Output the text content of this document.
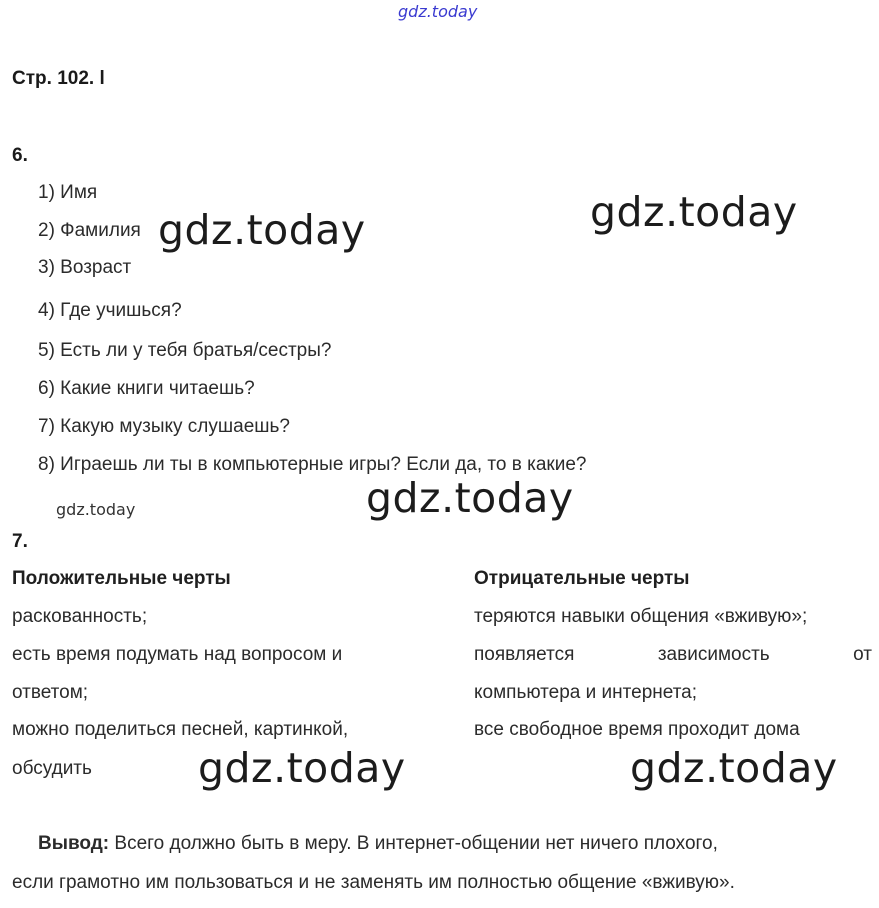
gdz.today
Стр. 102. l
6.
1) Имя
2) Фамилия
3) Возраст
4) Где учишься?
5) Есть ли у тебя братья/сестры?
6) Какие книги читаешь?
7) Какую музыку слушаешь?
8) Играешь ли ты в компьютерные игры? Если да, то в какие?
gdz.today	gdz.today
gdz.today
gdz.today
7.
Положительные черты
раскованность;
есть время подумать над вопросом и
ответом;
можно поделиться песней, картинкой,
обсудить
Отрицательные черты
теряются навыки общения «вживую»;
появляется	зависимость	от
компьютера и интернета;
все свободное время проходит дома
gdz.today	gdz.today
Вывод: Всего должно быть в меру. В интернет-общении нет ничего плохого,
если грамотно им пользоваться и не заменять им полностью общение «вживую».
